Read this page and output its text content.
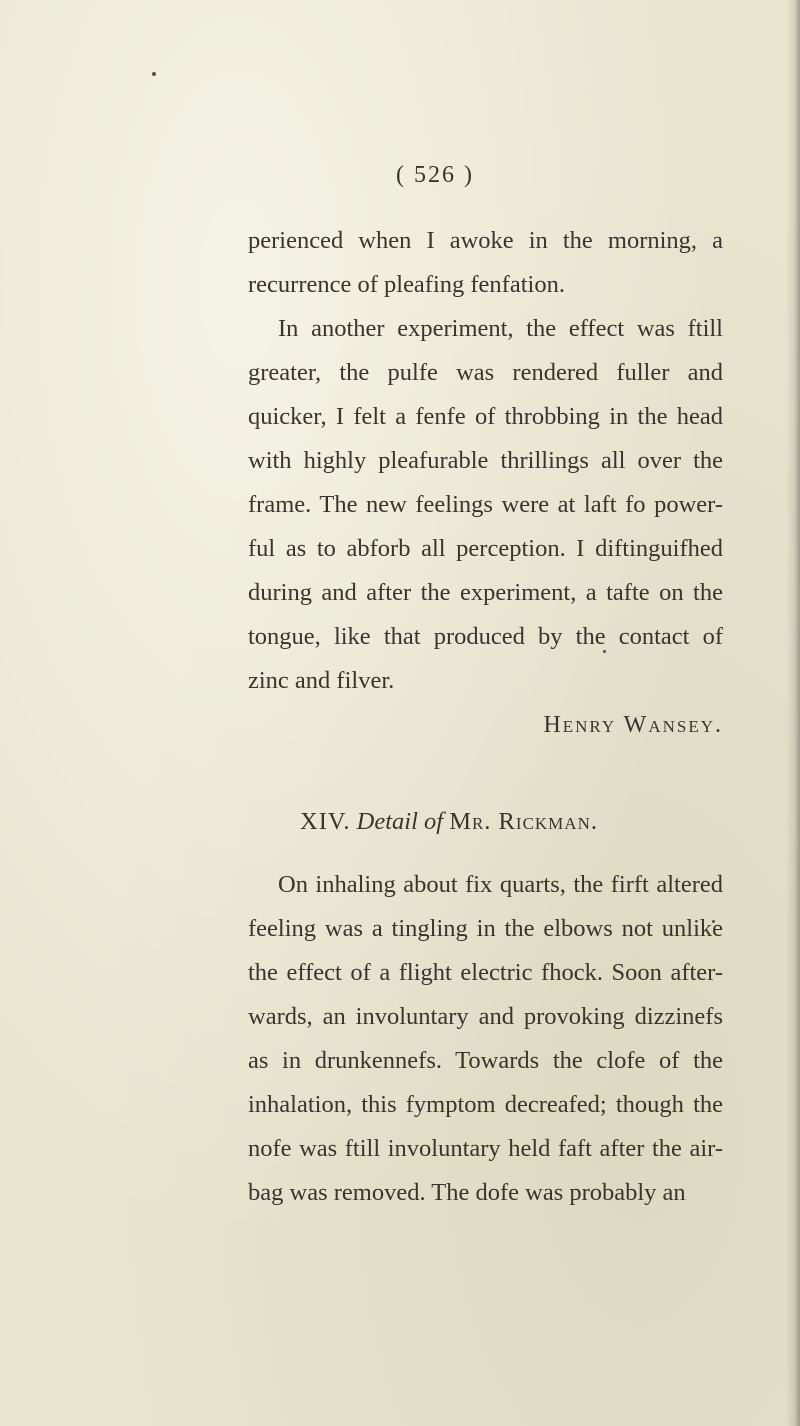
( 526 )
perienced when I awoke in the morning, a
recurrence of pleafing fenfation.
In another experiment, the effect was ftill
greater, the pulfe was rendered fuller and
quicker, I felt a fenfe of throbbing in the head
with highly pleafurable thrillings all over the
frame. The new feelings were at laft fo power-
ful as to abforb all perception. I diftinguifhed
during and after the experiment, a tafte on the
tongue, like that produced by the contact of
zinc and filver.
Henry Wansey.
XIV. Detail of Mr. Rickman.
On inhaling about fix quarts, the firft altered
feeling was a tingling in the elbows not unlike
the effect of a flight electric fhock. Soon after-
wards, an involuntary and provoking dizzinefs
as in drunkennefs. Towards the clofe of the
inhalation, this fymptom decreafed; though the
nofe was ftill involuntary held faft after the air-
bag was removed. The dofe was probably an
